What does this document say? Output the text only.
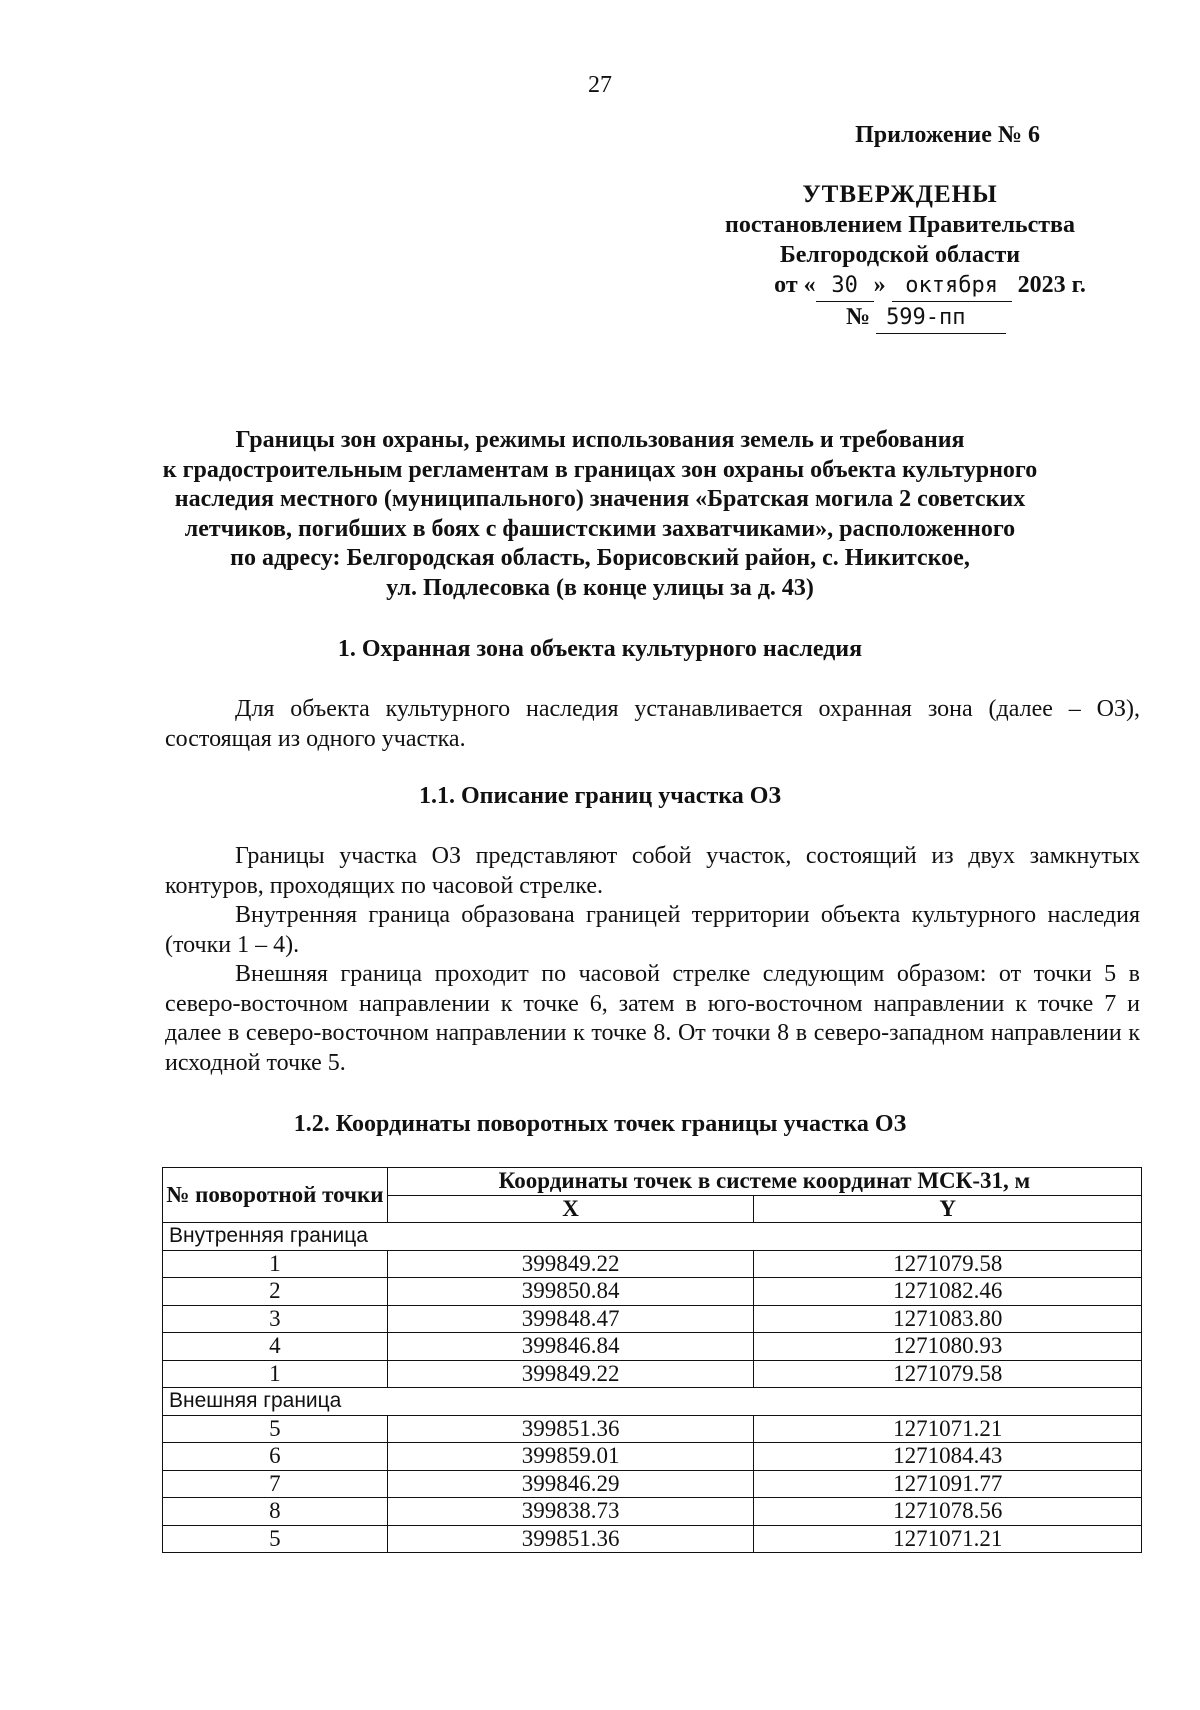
27
Приложение № 6
УТВЕРЖДЕНЫ
постановлением Правительства
Белгородской области
от « 30 » октября 2023 г.
№ 599-пп
Границы зон охраны, режимы использования земель и требования
к градостроительным регламентам в границах зон охраны объекта культурного
наследия местного (муниципального) значения «Братская могила 2 советских
летчиков, погибших в боях с фашистскими захватчиками», расположенного
по адресу: Белгородская область, Борисовский район, с. Никитское,
ул. Подлесовка (в конце улицы за д. 43)
1. Охранная зона объекта культурного наследия

Для объекта культурного наследия устанавливается охранная зона (далее – ОЗ), состоящая из одного участка.

1.1. Описание границ участка ОЗ

Границы участка ОЗ представляют собой участок, состоящий из двух замкнутых контуров, проходящих по часовой стрелке.

Внутренняя граница образована границей территории объекта культурного наследия (точки 1 – 4).

Внешняя граница проходит по часовой стрелке следующим образом: от точки 5 в северо-восточном направлении к точке 6, затем в юго-восточном направлении к точке 7 и далее в северо-восточном направлении к точке 8. От точки 8 в северо-западном направлении к исходной точке 5.

1.2. Координаты поворотных точек границы участка ОЗ
№ поворотной точки	Координаты точек в системе координат МСК-31, м	
	X	Y
Внутренняя граница		
1	399849.22	1271079.58
2	399850.84	1271082.46
3	399848.47	1271083.80
4	399846.84	1271080.93
1	399849.22	1271079.58
Внешняя граница		
5	399851.36	1271071.21
6	399859.01	1271084.43
7	399846.29	1271091.77
8	399838.73	1271078.56
5	399851.36	1271071.21
